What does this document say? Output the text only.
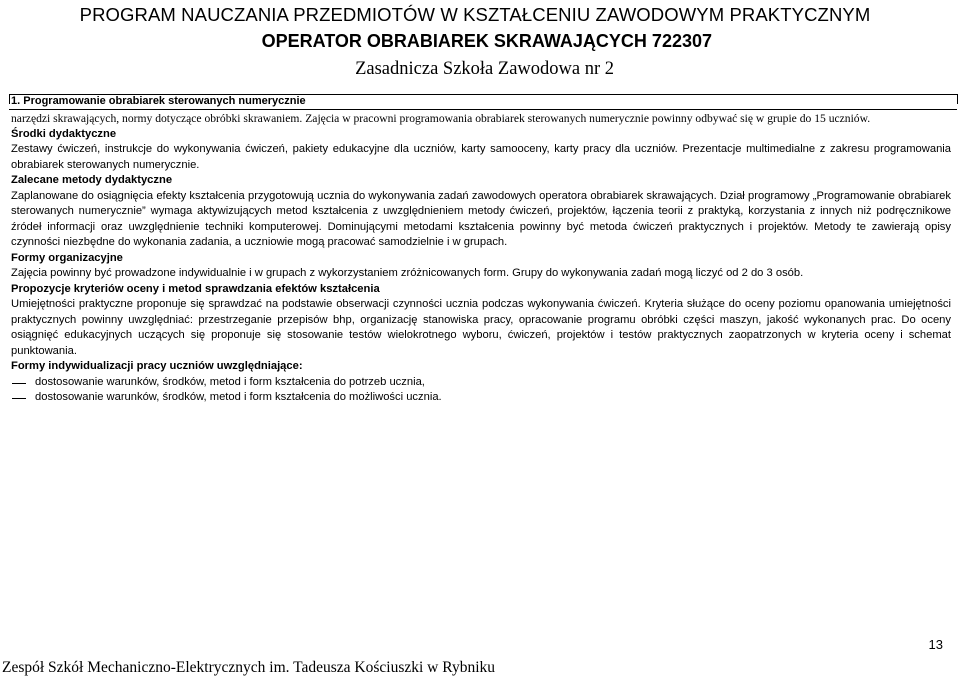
PROGRAM NAUCZANIA PRZEDMIOTÓW W KSZTAŁCENIU ZAWODOWYM PRAKTYCZNYM
OPERATOR OBRABIAREK SKRAWAJĄCYCH 722307
Zasadnicza Szkoła Zawodowa nr 2
1. Programowanie obrabiarek sterowanych numerycznie

narzędzi skrawających, normy dotyczące obróbki skrawaniem. Zajęcia w pracowni programowania obrabiarek sterowanych numerycznie powinny odbywać się w grupie do 15 uczniów.

Środki dydaktyczne

Zestawy ćwiczeń, instrukcje do wykonywania ćwiczeń, pakiety edukacyjne dla uczniów, karty samooceny, karty pracy dla uczniów. Prezentacje multimedialne z zakresu programowania obrabiarek sterowanych numerycznie.

Zalecane metody dydaktyczne

Zaplanowane do osiągnięcia efekty kształcenia przygotowują ucznia do wykonywania zadań zawodowych operatora obrabiarek skrawających. Dział programowy „Programowanie obrabiarek sterowanych numerycznie” wymaga aktywizujących metod kształcenia z uwzględnieniem metody ćwiczeń, projektów, łączenia teorii z praktyką, korzystania z innych niż podręcznikowe źródeł informacji oraz uwzględnienie techniki komputerowej. Dominującymi metodami kształcenia powinny być metoda ćwiczeń praktycznych i projektów. Metody te zawierają opisy czynności niezbędne do wykonania zadania, a uczniowie mogą pracować samodzielnie i w grupach.

Formy organizacyjne

Zajęcia powinny być prowadzone indywidualnie i w grupach z wykorzystaniem zróżnicowanych form. Grupy do wykonywania zadań mogą liczyć od 2 do 3 osób.

Propozycje kryteriów oceny i metod sprawdzania efektów kształcenia

Umiejętności praktyczne proponuje się sprawdzać na podstawie obserwacji czynności ucznia podczas wykonywania ćwiczeń. Kryteria służące do oceny poziomu opanowania umiejętności praktycznych powinny uwzględniać: przestrzeganie przepisów bhp, organizację stanowiska pracy, opracowanie programu obróbki części maszyn, jakość wykonanych prac. Do oceny osiągnięć edukacyjnych uczących się proponuje się stosowanie testów wielokrotnego wyboru, ćwiczeń, projektów i testów praktycznych zaopatrzonych w kryteria oceny i schemat punktowania.

Formy indywidualizacji pracy uczniów uwzględniające:

dostosowanie warunków, środków, metod i form kształcenia do potrzeb ucznia,

dostosowanie warunków, środków, metod i form kształcenia do możliwości ucznia.

13
Zespół Szkół Mechaniczno-Elektrycznych im. Tadeusza Kościuszki w Rybniku
